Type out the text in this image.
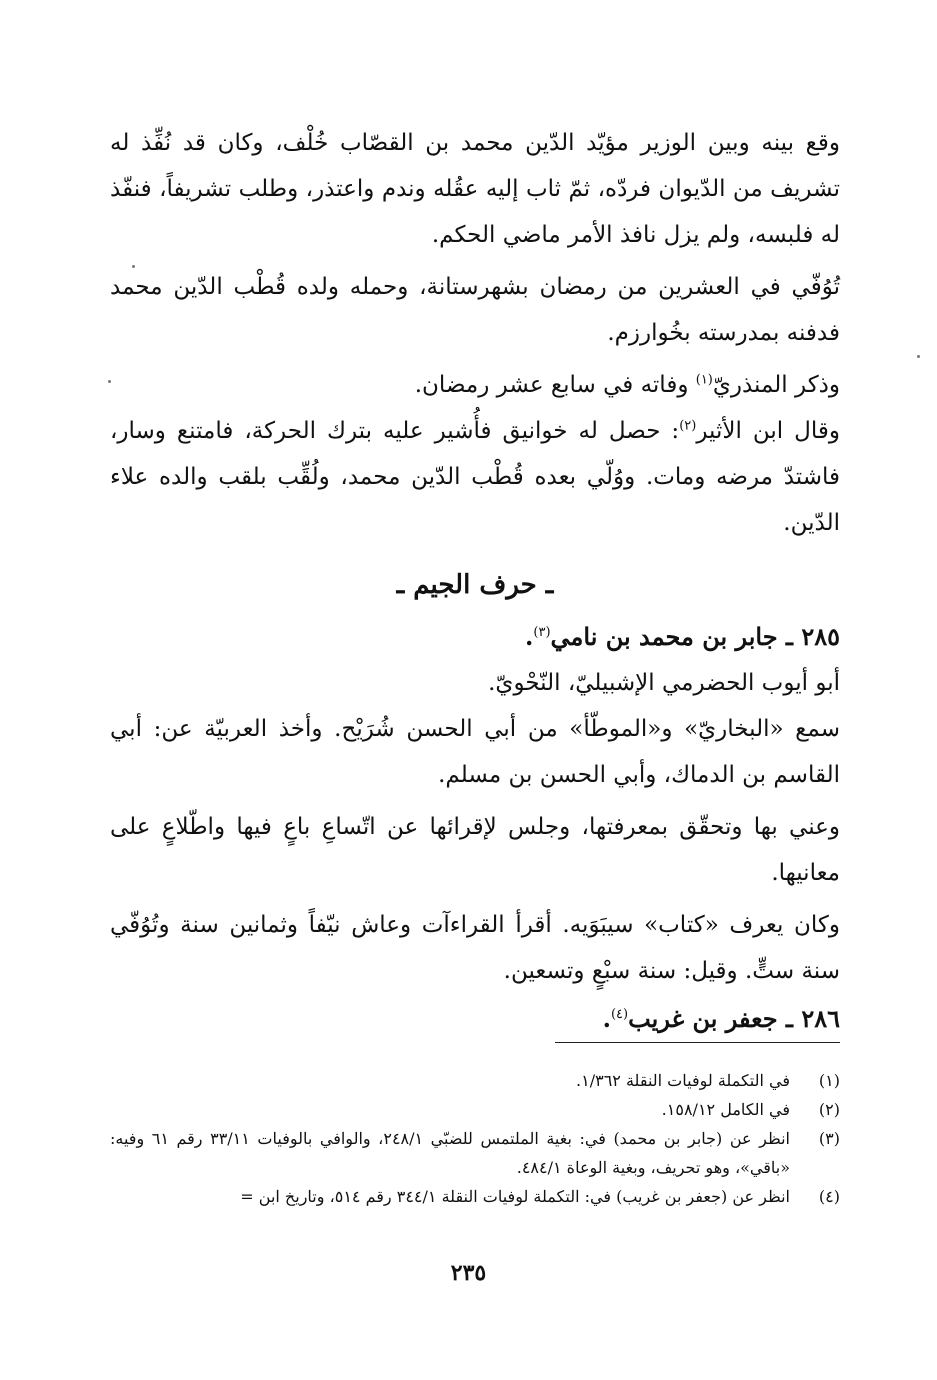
وقع بينه وبين الوزير مؤيّد الدّين محمد بن القصّاب خُلْف، وكان قد نُفِّذ له تشريف من الدّيوان فردّه، ثمّ ثاب إليه عقُله وندم واعتذر، وطلب تشريفاً، فنفّذ له فلبسه، ولم يزل نافذ الأمر ماضي الحكم.

تُوُفّي في العشرين من رمضان بشهرستانة، وحمله ولده قُطْب الدّين محمد فدفنه بمدرسته بخُوارزم.

وذكر المنذريّ$^{(١)}$ وفاته في سابع عشر رمضان.

وقال ابن الأثير$^{(٢)}$: حصل له خوانيق فأُشير عليه بترك الحركة، فامتنع وسار، فاشتدّ مرضه ومات. ووُلّي بعده قُطْب الدّين محمد، ولُقِّب بلقب والده علاء الدّين.

ـ حرف الجيم ـ

٢٨٥ ـ جابر بن محمد بن نامي$^{(٣)}$.

أبو أيوب الحضرمي الإشبيليّ، النّحْويّ.

سمع «البخاريّ» و«الموطّأ» من أبي الحسن شُرَيْح. وأخذ العربيّة عن: أبي القاسم بن الدماك، وأبي الحسن بن مسلم.

وعني بها وتحقّق بمعرفتها، وجلس لإقرائها عن اتّساعِ باعٍ فيها واطّلاعٍ على معانيها.

وكان يعرف «كتاب» سيبَوَيه. أقرأ القراءآت وعاش نيّفاً وثمانين سنة وتُوُفّي سنة ستٍّ. وقيل: سنة سبْعٍ وتسعين.

٢٨٦ ـ جعفر بن غريب$^{(٤)}$.

(١)
في التكملة لوفيات النقلة ١/٣٦٢.
(٢)
في الكامل ١٥٨/١٢.
(٣)
انظر عن (جابر بن محمد) في: بغية الملتمس للضبّي ٢٤٨/١، والوافي بالوفيات ٣٣/١١ رقم ٦١ وفيه: «باقي»، وهو تحريف، وبغية الوعاة ٤٨٤/١.
(٤)
انظر عن (جعفر بن غريب) في: التكملة لوفيات النقلة ٣٤٤/١ رقم ٥١٤، وتاريخ ابن =
٢٣٥
